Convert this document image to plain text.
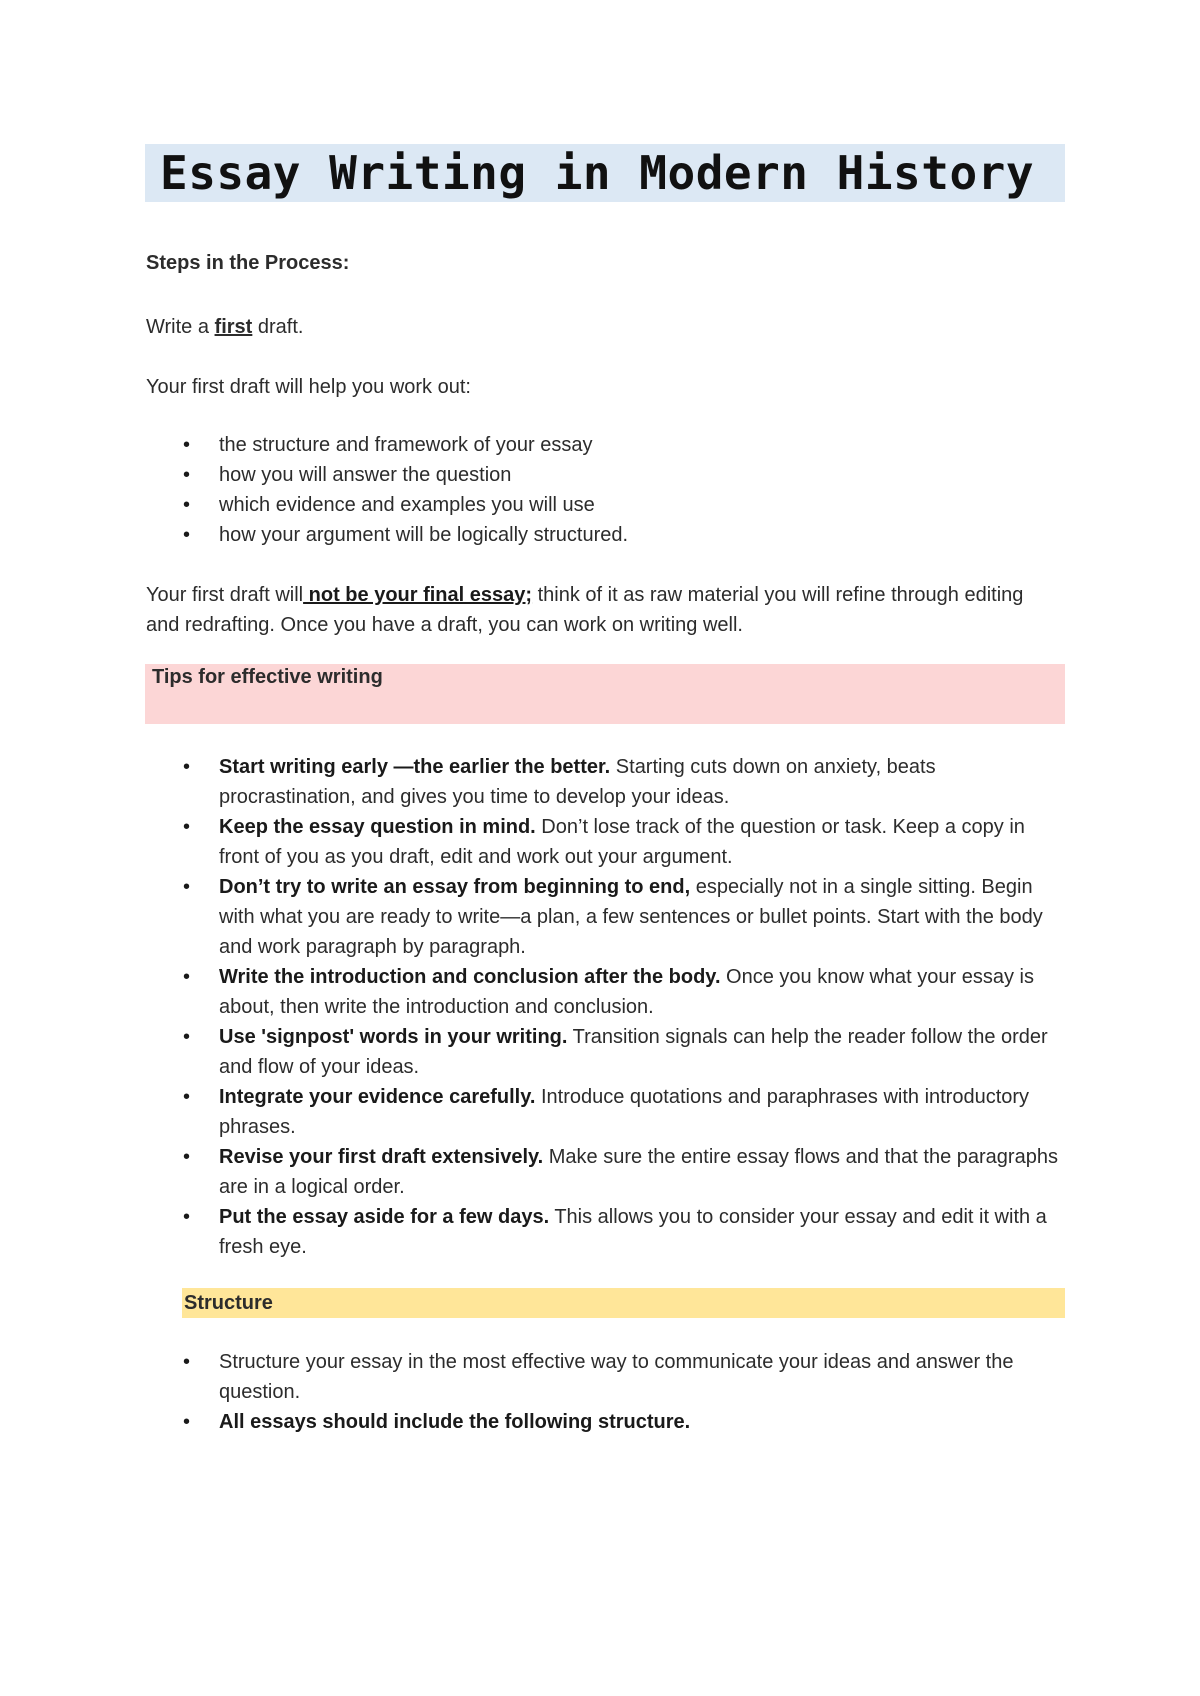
Essay Writing in Modern History

Steps in the Process:

Write a first draft.

Your first draft will help you work out:

• the structure and framework of your essay
• how you will answer the question
• which evidence and examples you will use
• how your argument will be logically structured.

Your first draft will not be your final essay; think of it as raw material you will refine through editing and redrafting. Once you have a draft, you can work on writing well.

Tips for effective writing

• Start writing early —the earlier the better. Starting cuts down on anxiety, beats procrastination, and gives you time to develop your ideas.
• Keep the essay question in mind. Don’t lose track of the question or task. Keep a copy in front of you as you draft, edit and work out your argument.
• Don’t try to write an essay from beginning to end, especially not in a single sitting. Begin with what you are ready to write—a plan, a few sentences or bullet points. Start with the body and work paragraph by paragraph.
• Write the introduction and conclusion after the body. Once you know what your essay is about, then write the introduction and conclusion.
• Use 'signpost' words in your writing. Transition signals can help the reader follow the order and flow of your ideas.
• Integrate your evidence carefully. Introduce quotations and paraphrases with introductory phrases.
• Revise your first draft extensively. Make sure the entire essay flows and that the paragraphs are in a logical order.
• Put the essay aside for a few days. This allows you to consider your essay and edit it with a fresh eye.

Structure

• Structure your essay in the most effective way to communicate your ideas and answer the question.
• All essays should include the following structure.
